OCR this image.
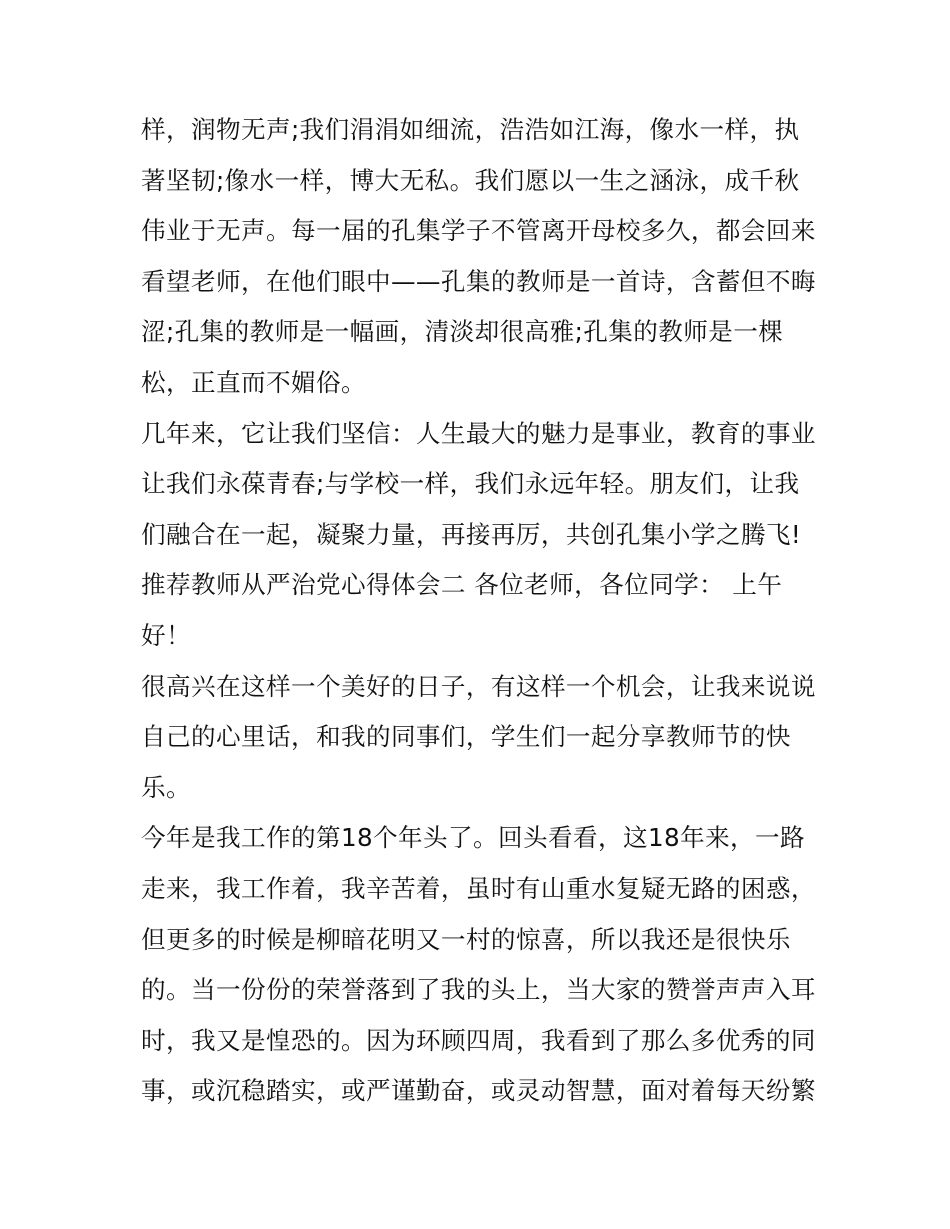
样，润物无声;我们涓涓如细流，浩浩如江海，像水一样，执
著坚韧;像水一样，博大无私。我们愿以一生之涵泳，成千秋
伟业于无声。每一届的孔集学子不管离开母校多久，都会回来
看望老师，在他们眼中——孔集的教师是一首诗，含蓄但不晦
涩;孔集的教师是一幅画，清淡却很高雅;孔集的教师是一棵
松，正直而不媚俗。
几年来，它让我们坚信：人生最大的魅力是事业，教育的事业
让我们永葆青春;与学校一样，我们永远年轻。朋友们，让我
们融合在一起，凝聚力量，再接再厉，共创孔集小学之腾飞!
推荐教师从严治党心得体会二 各位老师，各位同学： 上午
好！
很高兴在这样一个美好的日子，有这样一个机会，让我来说说
自己的心里话，和我的同事们，学生们一起分享教师节的快
乐。
今年是我工作的第18个年头了。回头看看，这18年来，一路
走来，我工作着，我辛苦着，虽时有山重水复疑无路的困惑，
但更多的时候是柳暗花明又一村的惊喜，所以我还是很快乐
的。当一份份的荣誉落到了我的头上，当大家的赞誉声声入耳
时，我又是惶恐的。因为环顾四周，我看到了那么多优秀的同
事，或沉稳踏实，或严谨勤奋，或灵动智慧，面对着每天纷繁
